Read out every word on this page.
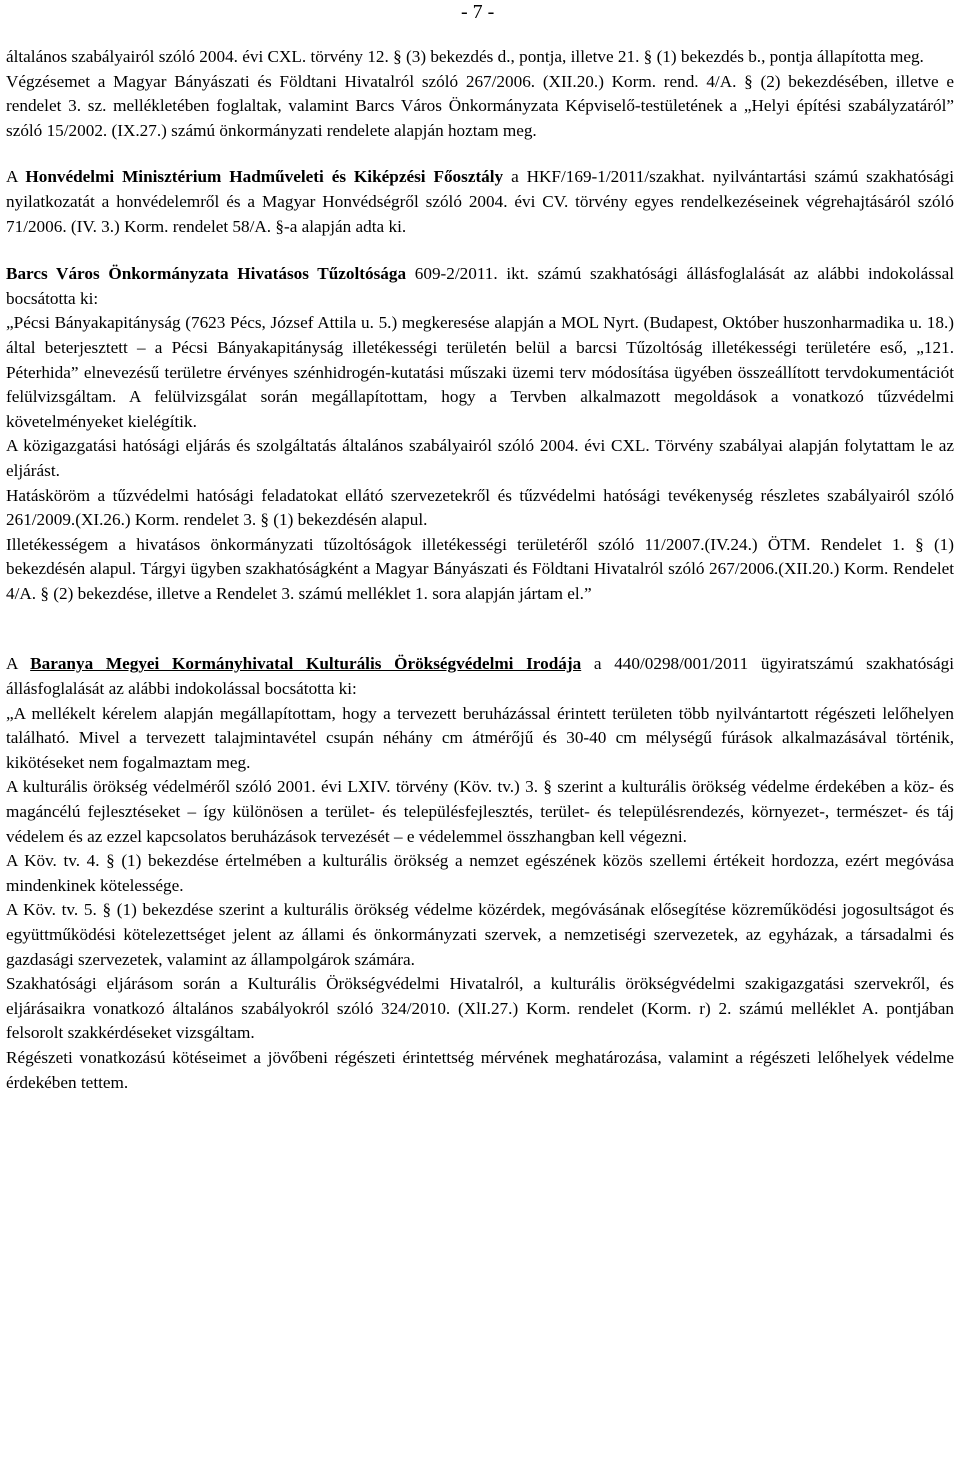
- 7 -

általános szabályairól szóló 2004. évi CXL. törvény 12. § (3) bekezdés d., pontja, illetve 21. § (1) bekezdés b., pontja állapította meg.

Végzésemet a Magyar Bányászati és Földtani Hivatalról szóló 267/2006. (XII.20.) Korm. rend. 4/A. § (2) bekezdésében, illetve e rendelet 3. sz. mellékletében foglaltak, valamint Barcs Város Önkormányzata Képviselő-testületének a „Helyi építési szabályzatáról” szóló 15/2002. (IX.27.) számú önkormányzati rendelete alapján hoztam meg.

A Honvédelmi Minisztérium Hadműveleti és Kiképzési Főosztály a HKF/169-1/2011/szakhat. nyilvántartási számú szakhatósági nyilatkozatát a honvédelemről és a Magyar Honvédségről szóló 2004. évi CV. törvény egyes rendelkezéseinek végrehajtásáról szóló 71/2006. (IV. 3.) Korm. rendelet 58/A. §-a alapján adta ki.

Barcs Város Önkormányzata Hivatásos Tűzoltósága 609-2/2011. ikt. számú szakhatósági állásfoglalását az alábbi indokolással bocsátotta ki:

„Pécsi Bányakapitányság (7623 Pécs, József Attila u. 5.) megkeresése alapján a MOL Nyrt. (Budapest, Október huszonharmadika u. 18.) által beterjesztett – a Pécsi Bányakapitányság illetékességi területén belül a barcsi Tűzoltóság illetékességi területére eső, „121. Péterhida” elnevezésű területre érvényes szénhidrogén-kutatási műszaki üzemi terv módosítása ügyében összeállított tervdokumentációt felülvizsgáltam. A felülvizsgálat során megállapítottam, hogy a Tervben alkalmazott megoldások a vonatkozó tűzvédelmi követelményeket kielégítik.

A közigazgatási hatósági eljárás és szolgáltatás általános szabályairól szóló 2004. évi CXL. Törvény szabályai alapján folytattam le az eljárást.

Hatásköröm a tűzvédelmi hatósági feladatokat ellátó szervezetekről és tűzvédelmi hatósági tevékenység részletes szabályairól szóló 261/2009.(XI.26.) Korm. rendelet 3. § (1) bekezdésén alapul.

Illetékességem a hivatásos önkormányzati tűzoltóságok illetékességi területéről szóló 11/2007.(IV.24.) ÖTM. Rendelet 1. § (1) bekezdésén alapul. Tárgyi ügyben szakhatóságként a Magyar Bányászati és Földtani Hivatalról szóló 267/2006.(XII.20.) Korm. Rendelet 4/A. § (2) bekezdése, illetve a Rendelet 3. számú melléklet 1. sora alapján jártam el.”

A Baranya Megyei Kormányhivatal Kulturális Örökségvédelmi Irodája a 440/0298/001/2011 ügyiratszámú szakhatósági állásfoglalását az alábbi indokolással bocsátotta ki:

„A mellékelt kérelem alapján megállapítottam, hogy a tervezett beruházással érintett területen több nyilvántartott régészeti lelőhelyen található. Mivel a tervezett talajmintavétel csupán néhány cm átmérőjű és 30-40 cm mélységű fúrások alkalmazásával történik, kikötéseket nem fogalmaztam meg.

A kulturális örökség védelméről szóló 2001. évi LXIV. törvény (Köv. tv.) 3. § szerint a kulturális örökség védelme érdekében a köz- és magáncélú fejlesztéseket – így különösen a terület- és településfejlesztés, terület- és településrendezés, környezet-, természet- és táj védelem és az ezzel kapcsolatos beruházások tervezését – e védelemmel összhangban kell végezni.

A Köv. tv. 4. § (1) bekezdése értelmében a kulturális örökség a nemzet egészének közös szellemi értékeit hordozza, ezért megóvása mindenkinek kötelessége.

A Köv. tv. 5. § (1) bekezdése szerint a kulturális örökség védelme közérdek, megóvásának elősegítése közreműködési jogosultságot és együttműködési kötelezettséget jelent az állami és önkormányzati szervek, a nemzetiségi szervezetek, az egyházak, a társadalmi és gazdasági szervezetek, valamint az állampolgárok számára.

Szakhatósági eljárásom során a Kulturális Örökségvédelmi Hivatalról, a kulturális örökségvédelmi szakigazgatási szervekről, és eljárásaikra vonatkozó általános szabályokról szóló 324/2010. (XlI.27.) Korm. rendelet (Korm. r) 2. számú melléklet A. pontjában felsorolt szakkérdéseket vizsgáltam.

Régészeti vonatkozású kötéseimet a jövőbeni régészeti érintettség mérvének meghatározása, valamint a régészeti lelőhelyek védelme érdekében tettem.
